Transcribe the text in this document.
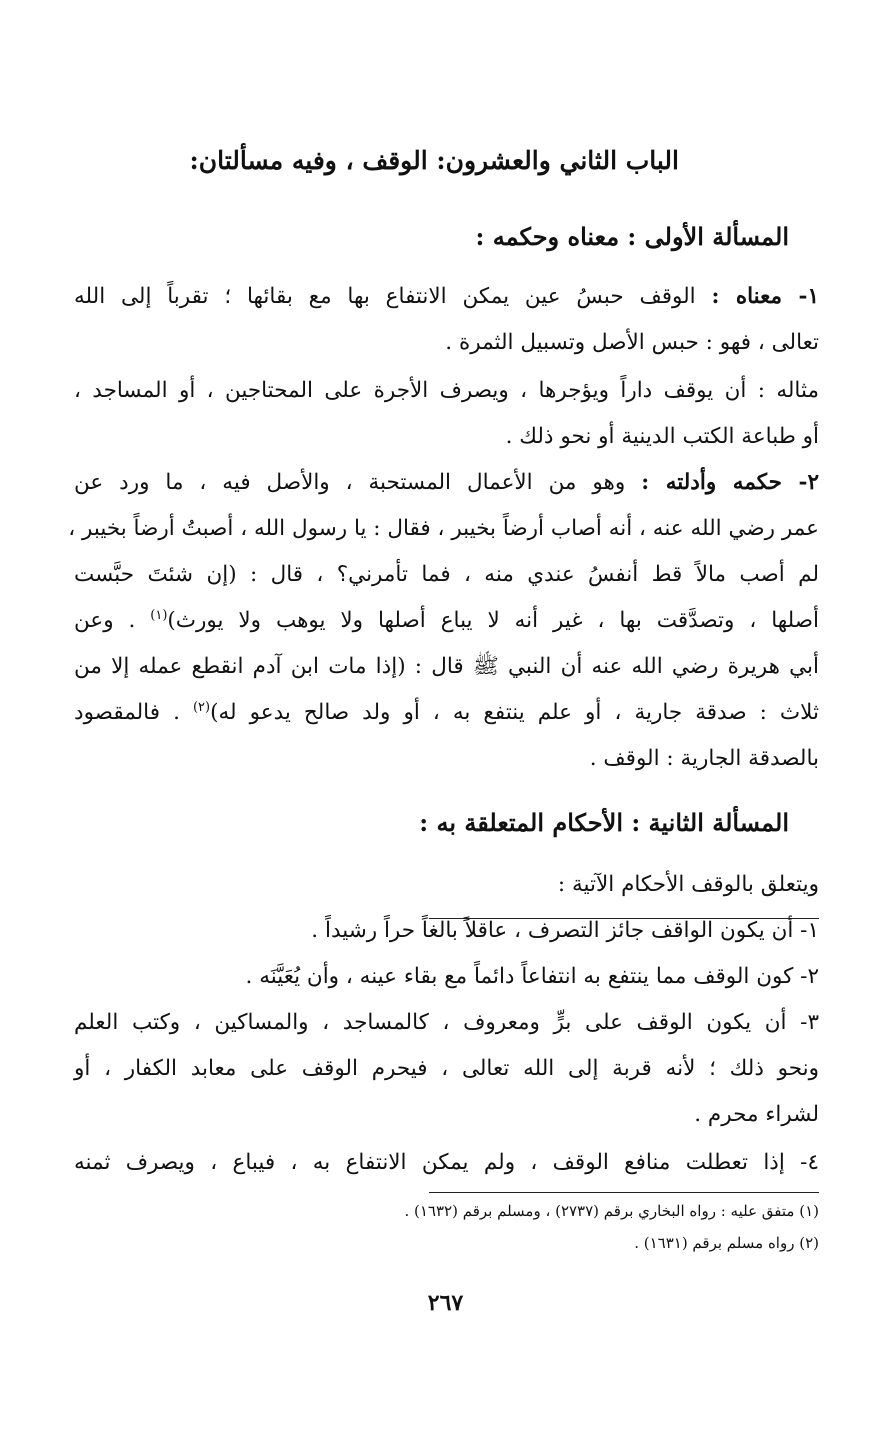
الباب الثاني والعشرون: الوقف ، وفيه مسألتان:
المسألة الأولى : معناه وحكمه :
١- معناه : الوقف حبسُ عين يمكن الانتفاع بها مع بقائها ؛ تقرباً إلى الله
تعالى ، فهو : حبس الأصل وتسبيل الثمرة .
مثاله : أن يوقف داراً ويؤجرها ، ويصرف الأجرة على المحتاجين ، أو المساجد ،
أو طباعة الكتب الدينية أو نحو ذلك .
٢- حكمه وأدلته : وهو من الأعمال المستحبة ، والأصل فيه ، ما ورد عن
عمر رضي الله عنه ، أنه أصاب أرضاً بخيبر ، فقال : يا رسول الله ، أصبتُ أرضاً بخيبر ،
لم أصب مالاً قط أنفسُ عندي منه ، فما تأمرني؟ ، قال : (إن شئتَ حبَّست
أصلها ، وتصدَّقت بها ، غير أنه لا يباع أصلها ولا يوهب ولا يورث)$^{(١)}$ . وعن
أبي هريرة رضي الله عنه أن النبي ﷺ قال : (إذا مات ابن آدم انقطع عمله إلا من
ثلاث : صدقة جارية ، أو علم ينتفع به ، أو ولد صالح يدعو له)$^{(٢)}$ . فالمقصود
بالصدقة الجارية : الوقف .
المسألة الثانية : الأحكام المتعلقة به :
ويتعلق بالوقف الأحكام الآتية :
١- أن يكون الواقف جائز التصرف ، عاقلاً بالغاً حراً رشيداً .
٢- كون الوقف مما ينتفع به انتفاعاً دائماً مع بقاء عينه ، وأن يُعَيَّنَه .
٣- أن يكون الوقف على برٍّ ومعروف ، كالمساجد ، والمساكين ، وكتب العلم
ونحو ذلك ؛ لأنه قربة إلى الله تعالى ، فيحرم الوقف على معابد الكفار ، أو
لشراء محرم .
٤- إذا تعطلت منافع الوقف ، ولم يمكن الانتفاع به ، فيباع ، ويصرف ثمنه
(١) متفق عليه : رواه البخاري برقم (٢٧٣٧) ، ومسلم برقم (١٦٣٢) .
(٢) رواه مسلم برقم (١٦٣١) .
٢٦٧
